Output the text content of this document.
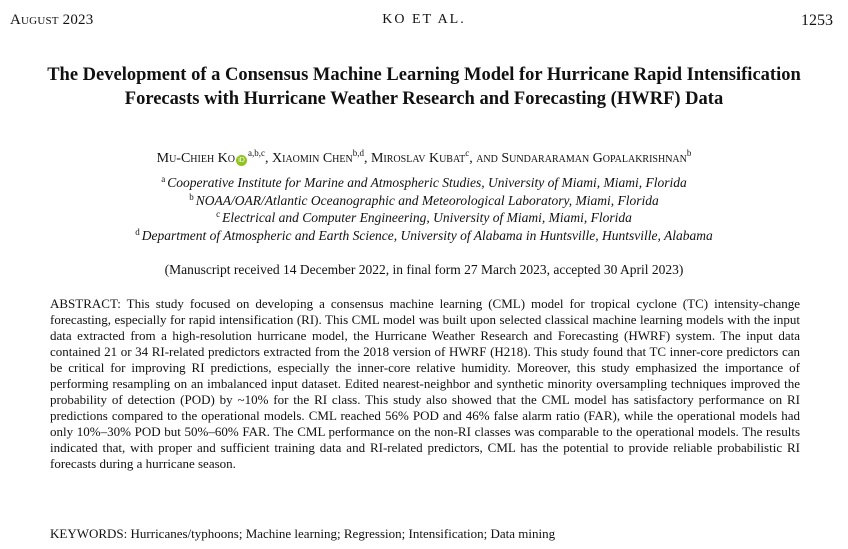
August 2023	KO ET AL.	1253
The Development of a Consensus Machine Learning Model for Hurricane Rapid Intensification Forecasts with Hurricane Weather Research and Forecasting (HWRF) Data
Mu-Chieh Ko iD$^{a,b,c}$, Xiaomin Chen$^{b,d}$, Miroslav Kubat$^c$, and Sundararaman Gopalakrishnan$^b$
$^a$ Cooperative Institute for Marine and Atmospheric Studies, University of Miami, Miami, Florida
$^b$ NOAA/OAR/Atlantic Oceanographic and Meteorological Laboratory, Miami, Florida
$^c$ Electrical and Computer Engineering, University of Miami, Miami, Florida
$^d$ Department of Atmospheric and Earth Science, University of Alabama in Huntsville, Huntsville, Alabama
(Manuscript received 14 December 2022, in final form 27 March 2023, accepted 30 April 2023)
ABSTRACT: This study focused on developing a consensus machine learning (CML) model for tropical cyclone (TC) intensity-change forecasting, especially for rapid intensification (RI). This CML model was built upon selected classical machine learning models with the input data extracted from a high-resolution hurricane model, the Hurricane Weather Research and Forecasting (HWRF) system. The input data contained 21 or 34 RI-related predictors extracted from the 2018 version of HWRF (H218). This study found that TC inner-core predictors can be critical for improving RI predictions, especially the inner-core relative humidity. Moreover, this study emphasized the importance of performing resampling on an imbalanced input dataset. Edited nearest-neighbor and synthetic minority oversampling techniques improved the probability of detection (POD) by ~10% for the RI class. This study also showed that the CML model has satisfactory performance on RI predictions compared to the operational models. CML reached 56% POD and 46% false alarm ratio (FAR), while the operational models had only 10%–30% POD but 50%–60% FAR. The CML performance on the non-RI classes was comparable to the operational models. The results indicated that, with proper and sufficient training data and RI-related predictors, CML has the potential to provide reliable probabilistic RI forecasts during a hurricane season.
KEYWORDS: Hurricanes/typhoons; Machine learning; Regression; Intensification; Data mining
